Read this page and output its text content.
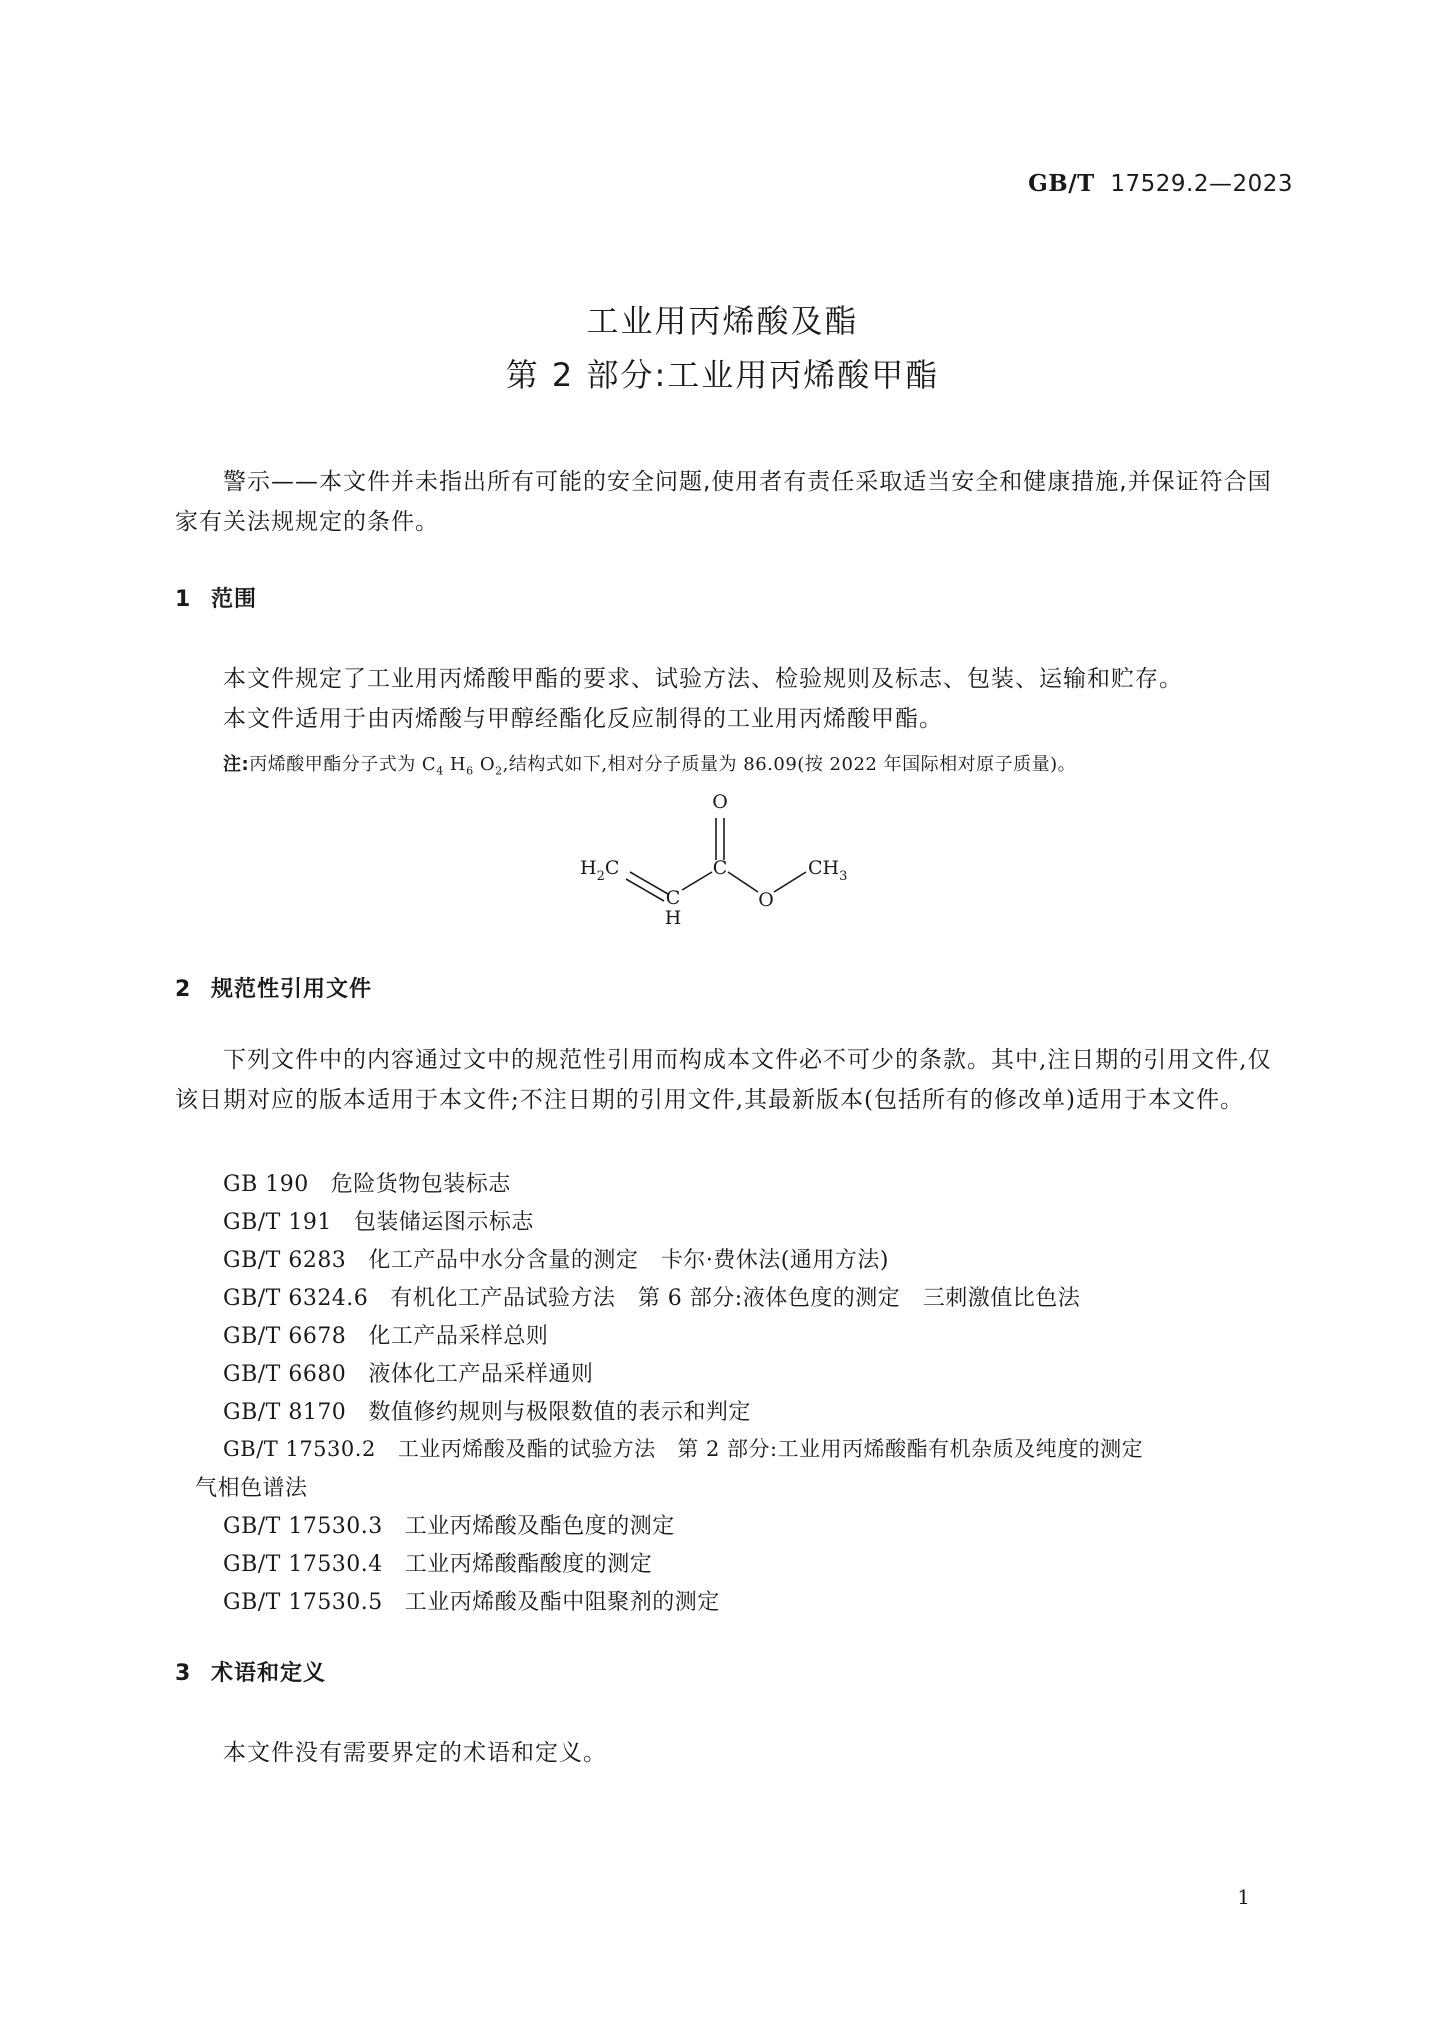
GB/T 17529.2—2023
工业用丙烯酸及酯
第 2 部分:工业用丙烯酸甲酯
警示——本文件并未指出所有可能的安全问题,使用者有责任采取适当安全和健康措施,并保证符合国家有关法规规定的条件。
1 范围
本文件规定了工业用丙烯酸甲酯的要求、试验方法、检验规则及标志、包装、运输和贮存。
本文件适用于由丙烯酸与甲醇经酯化反应制得的工业用丙烯酸甲酯。
注:丙烯酸甲酯分子式为 $C_4$ $H_6$ $O_2$,结构式如下,相对分子质量为 86.09(按 2022 年国际相对原子质量)。
O
$H_2C$
C
H
C
O
$CH_3$
2 规范性引用文件
下列文件中的内容通过文中的规范性引用而构成本文件必不可少的条款。其中,注日期的引用文件,仅该日期对应的版本适用于本文件;不注日期的引用文件,其最新版本(包括所有的修改单)适用于本文件。
GB 190 危险货物包装标志
GB/T 191 包装储运图示标志
GB/T 6283 化工产品中水分含量的测定　卡尔·费休法(通用方法)
GB/T 6324.6 有机化工产品试验方法　第 6 部分:液体色度的测定　三刺激值比色法
GB/T 6678 化工产品采样总则
GB/T 6680 液体化工产品采样通则
GB/T 8170 数值修约规则与极限数值的表示和判定
GB/T 17530.2 工业丙烯酸及酯的试验方法　第 2 部分:工业用丙烯酸酯有机杂质及纯度的测定
气相色谱法
GB/T 17530.3 工业丙烯酸及酯色度的测定
GB/T 17530.4 工业丙烯酸酯酸度的测定
GB/T 17530.5 工业丙烯酸及酯中阻聚剂的测定
3 术语和定义
本文件没有需要界定的术语和定义。
1
